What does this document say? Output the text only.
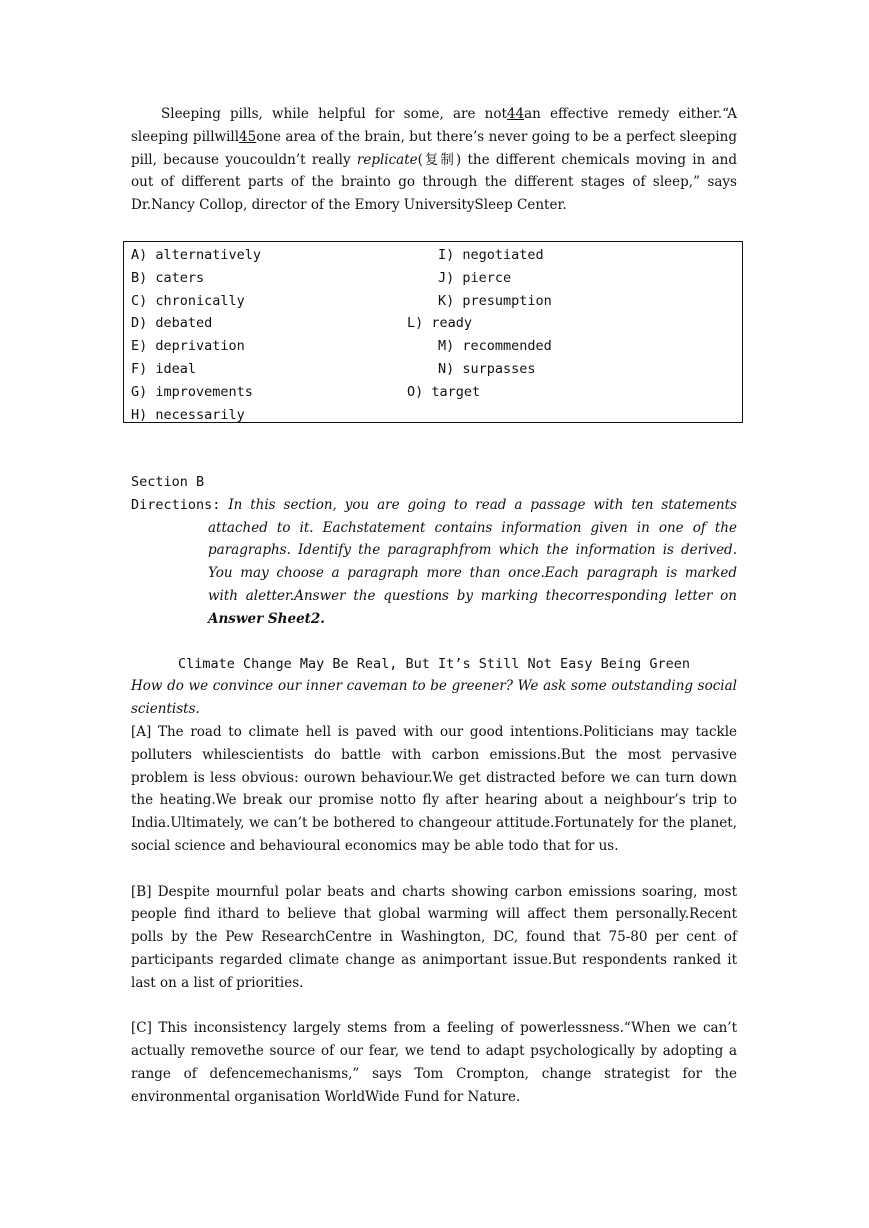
Sleeping pills, while helpful for some, are not44an effective remedy either.“A sleeping pillwill45one area of the brain, but there’s never going to be a perfect sleeping pill, because youcouldn’t really replicate(复制) the different chemicals moving in and out of different parts of the brainto go through the different stages of sleep,” says Dr.Nancy Collop, director of the Emory UniversitySleep Center.

A) alternatively
B) caters
C) chronically
D) debated
E) deprivation
F) ideal
G) improvements
H) necessarily
I) negotiated
J) pierce
K) presumption
L) ready
M) recommended
N) surpasses
O) target
Section B
Directions: In this section, you are going to read a passage with ten statements attached to it. Eachstatement contains information given in one of the paragraphs. Identify the paragraphfrom which the information is derived. You may choose a paragraph more than once.Each paragraph is marked with aletter.Answer the questions by marking thecorresponding letter on Answer Sheet2.

Climate Change May Be Real, But It’s Still Not Easy Being Green

How do we convince our inner caveman to be greener? We ask some outstanding social scientists.

[A] The road to climate hell is paved with our good intentions.Politicians may tackle polluters whilescientists do battle with carbon emissions.But the most pervasive problem is less obvious: ourown behaviour.We get distracted before we can turn down the heating.We break our promise notto fly after hearing about a neighbour’s trip to India.Ultimately, we can’t be bothered to changeour attitude.Fortunately for the planet, social science and behavioural economics may be able todo that for us.

[B] Despite mournful polar beats and charts showing carbon emissions soaring, most people find ithard to believe that global warming will affect them personally.Recent polls by the Pew ResearchCentre in Washington, DC, found that 75-80 per cent of participants regarded climate change as animportant issue.But respondents ranked it last on a list of priorities.

[C] This inconsistency largely stems from a feeling of powerlessness.“When we can’t actually removethe source of our fear, we tend to adapt psychologically by adopting a range of defencemechanisms,” says Tom Crompton, change strategist for the environmental organisation WorldWide Fund for Nature.
